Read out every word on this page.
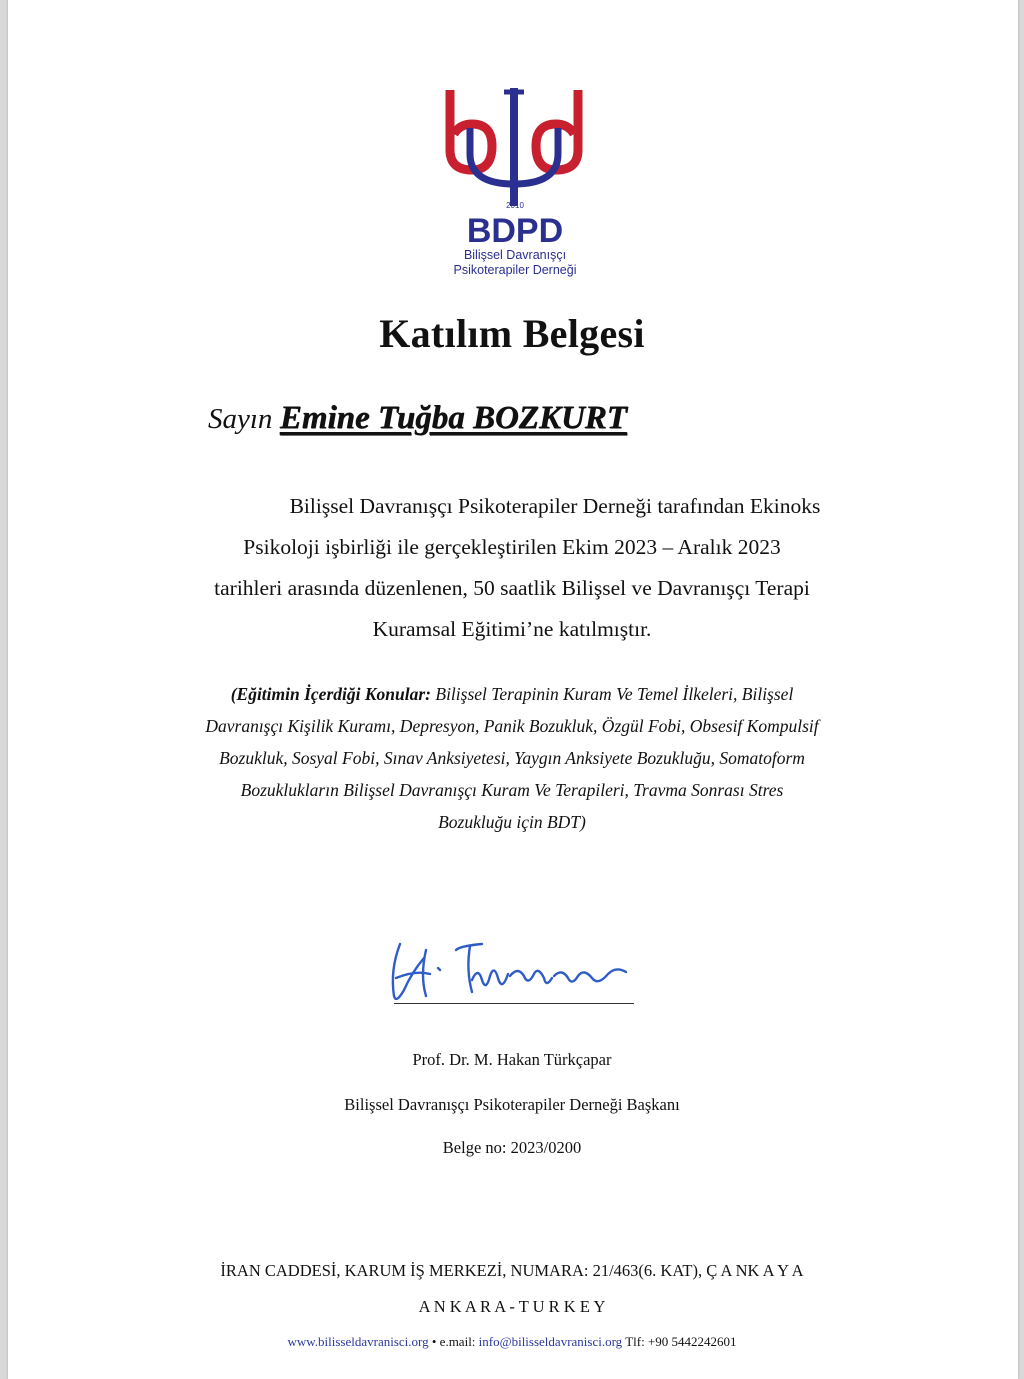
2010
BDPD
Bilişsel Davranışçı
Psikoterapiler Derneği
Katılım Belgesi
Sayın Emine Tuğba BOZKURT
Bilişsel Davranışçı Psikoterapiler Derneği tarafından Ekinoks
Psikoloji işbirliği ile gerçekleştirilen Ekim 2023 – Aralık 2023
tarihleri arasında düzenlenen, 50 saatlik Bilişsel ve Davranışçı Terapi
Kuramsal Eğitimi’ne katılmıştır.
(Eğitimin İçerdiği Konular: Bilişsel Terapinin Kuram Ve Temel İlkeleri, Bilişsel
Davranışçı Kişilik Kuramı, Depresyon, Panik Bozukluk, Özgül Fobi, Obsesif Kompulsif
Bozukluk, Sosyal Fobi, Sınav Anksiyetesi, Yaygın Anksiyete Bozukluğu, Somatoform
Bozuklukların Bilişsel Davranışçı Kuram Ve Terapileri, Travma Sonrası Stres
Bozukluğu için BDT)
Prof. Dr. M. Hakan Türkçapar
Bilişsel Davranışçı Psikoterapiler Derneği Başkanı
Belge no: 2023/0200
İRAN CADDESİ, KARUM İŞ MERKEZİ, NUMARA: 21/463(6. KAT), Ç A NK A Y A
A N K A R A - T U R K E Y
www.bilisseldavranisci.org • e.mail: info@bilisseldavranisci.org Tlf: +90 5442242601
